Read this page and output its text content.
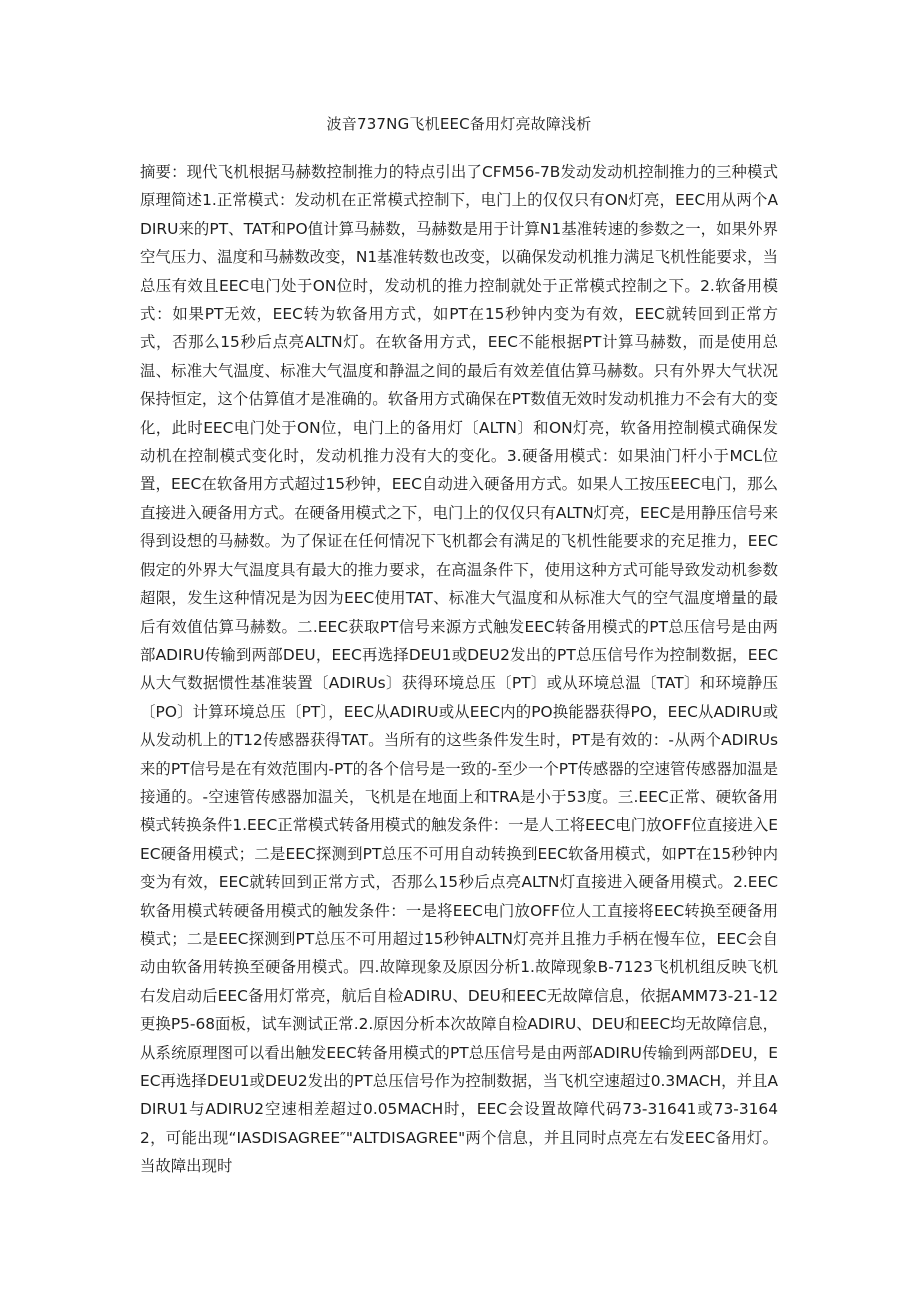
波音737NG飞机EEC备用灯亮故障浅析

摘要：现代飞机根据马赫数控制推力的特点引出了CFM56-7B发动发动机控制推力的三种模式原理简述1.正常模式：发动机在正常模式控制下，电门上的仅仅只有ON灯亮，EEC用从两个ADIRU来的PT、TAT和PO值计算马赫数，马赫数是用于计算N1基准转速的参数之一，如果外界空气压力、温度和马赫数改变，N1基准转数也改变，以确保发动机推力满足飞机性能要求，当总压有效且EEC电门处于ON位时，发动机的推力控制就处于正常模式控制之下。2.软备用模式：如果PT无效，EEC转为软备用方式，如PT在15秒钟内变为有效，EEC就转回到正常方式，否那么15秒后点亮ALTN灯。在软备用方式，EEC不能根据PT计算马赫数，而是使用总温、标准大气温度、标准大气温度和静温之间的最后有效差值估算马赫数。只有外界大气状况保持恒定，这个估算值才是准确的。软备用方式确保在PT数值无效时发动机推力不会有大的变化，此时EEC电门处于ON位，电门上的备用灯〔ALTN〕和ON灯亮，软备用控制模式确保发动机在控制模式变化时，发动机推力没有大的变化。3.硬备用模式：如果油门杆小于MCL位置，EEC在软备用方式超过15秒钟，EEC自动进入硬备用方式。如果人工按压EEC电门，那么直接进入硬备用方式。在硬备用模式之下，电门上的仅仅只有ALTN灯亮，EEC是用静压信号来得到设想的马赫数。为了保证在任何情况下飞机都会有满足的飞机性能要求的充足推力，EEC假定的外界大气温度具有最大的推力要求，在高温条件下，使用这种方式可能导致发动机参数超限，发生这种情况是为因为EEC使用TAT、标准大气温度和从标准大气的空气温度增量的最后有效值估算马赫数。二.EEC获取PT信号来源方式触发EEC转备用模式的PT总压信号是由两部ADIRU传输到两部DEU，EEC再选择DEU1或DEU2发出的PT总压信号作为控制数据，EEC从大气数据惯性基准装置〔ADIRUs〕获得环境总压〔PT〕或从环境总温〔TAT〕和环境静压〔PO〕计算环境总压〔PT〕，EEC从ADIRU或从EEC内的PO换能器获得PO，EEC从ADIRU或从发动机上的T12传感器获得TAT。当所有的这些条件发生时，PT是有效的：-从两个ADIRUs来的PT信号是在有效范围内-PT的各个信号是一致的-至少一个PT传感器的空速管传感器加温是接通的。-空速管传感器加温关，飞机是在地面上和TRA是小于53度。三.EEC正常、硬软备用模式转换条件1.EEC正常模式转备用模式的触发条件：一是人工将EEC电门放OFF位直接进入EEC硬备用模式；二是EEC探测到PT总压不可用自动转换到EEC软备用模式，如PT在15秒钟内变为有效，EEC就转回到正常方式，否那么15秒后点亮ALTN灯直接进入硬备用模式。2.EEC软备用模式转硬备用模式的触发条件：一是将EEC电门放OFF位人工直接将EEC转换至硬备用模式；二是EEC探测到PT总压不可用超过15秒钟ALTN灯亮并且推力手柄在慢车位，EEC会自动由软备用转换至硬备用模式。四.故障现象及原因分析1.故障现象B-7123飞机机组反映飞机右发启动后EEC备用灯常亮，航后自检ADIRU、DEU和EEC无故障信息，依据AMM73-21-12更换P5-68面板，试车测试正常.2.原因分析本次故障自检ADIRU、DEU和EEC均无故障信息，从系统原理图可以看出触发EEC转备用模式的PT总压信号是由两部ADIRU传输到两部DEU，EEC再选择DEU1或DEU2发出的PT总压信号作为控制数据，当飞机空速超过0.3MACH，并且ADIRU1与ADIRU2空速相差超过0.05MACH时，EEC会设置故障代码73-31641或73-31642，可能出现“IASDISAGREE″"ALTDISAGREE"两个信息，并且同时点亮左右发EEC备用灯。当故障出现时
